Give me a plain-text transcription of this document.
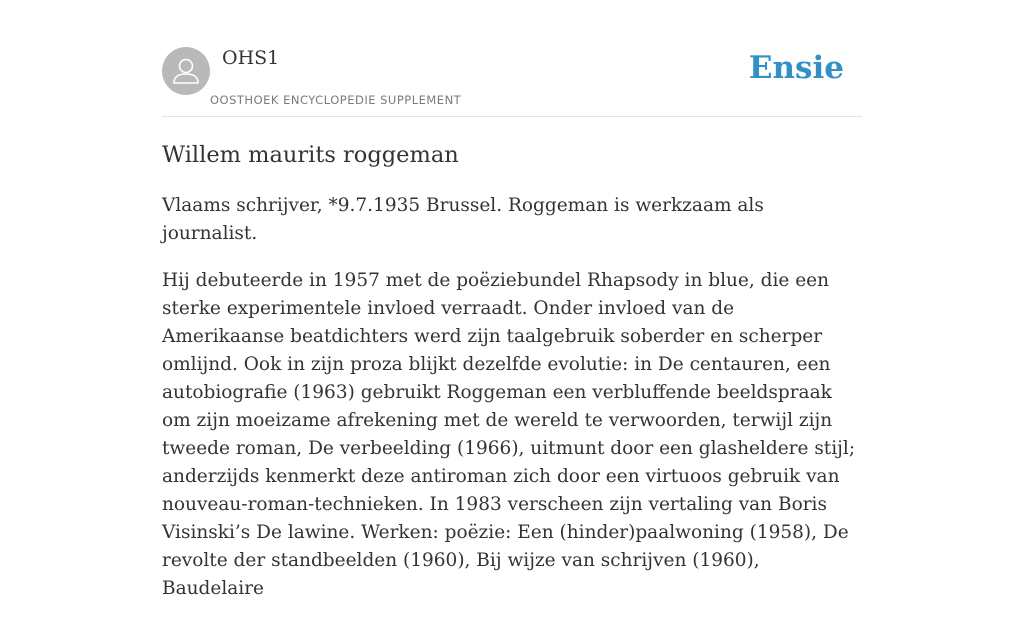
OHS1
OOSTHOEK ENCYCLOPEDIE SUPPLEMENT
Ensie
Willem maurits roggeman

Vlaams schrijver, *9.7.1935 Brussel. Roggeman is werkzaam als journalist.

Hij debuteerde in 1957 met de poëziebundel Rhapsody in blue, die een sterke experimentele invloed verraadt. Onder invloed van de Amerikaanse beatdichters werd zijn taalgebruik soberder en scherper omlijnd. Ook in zijn proza blijkt dezelfde evolutie: in De centauren, een autobiografie (1963) gebruikt Roggeman een verbluffende beeldspraak om zijn moeizame afrekening met de wereld te verwoorden, terwijl zijn tweede roman, De verbeelding (1966), uitmunt door een glasheldere stijl; anderzijds kenmerkt deze antiroman zich door een virtuoos gebruik van nouveau-roman-technieken. In 1983 verscheen zijn vertaling van Boris Visinski’s De lawine. Werken: poëzie: Een (hinder)paalwoning (1958), De revolte der standbeelden (1960), Bij wijze van schrijven (1960), Baudelaire
